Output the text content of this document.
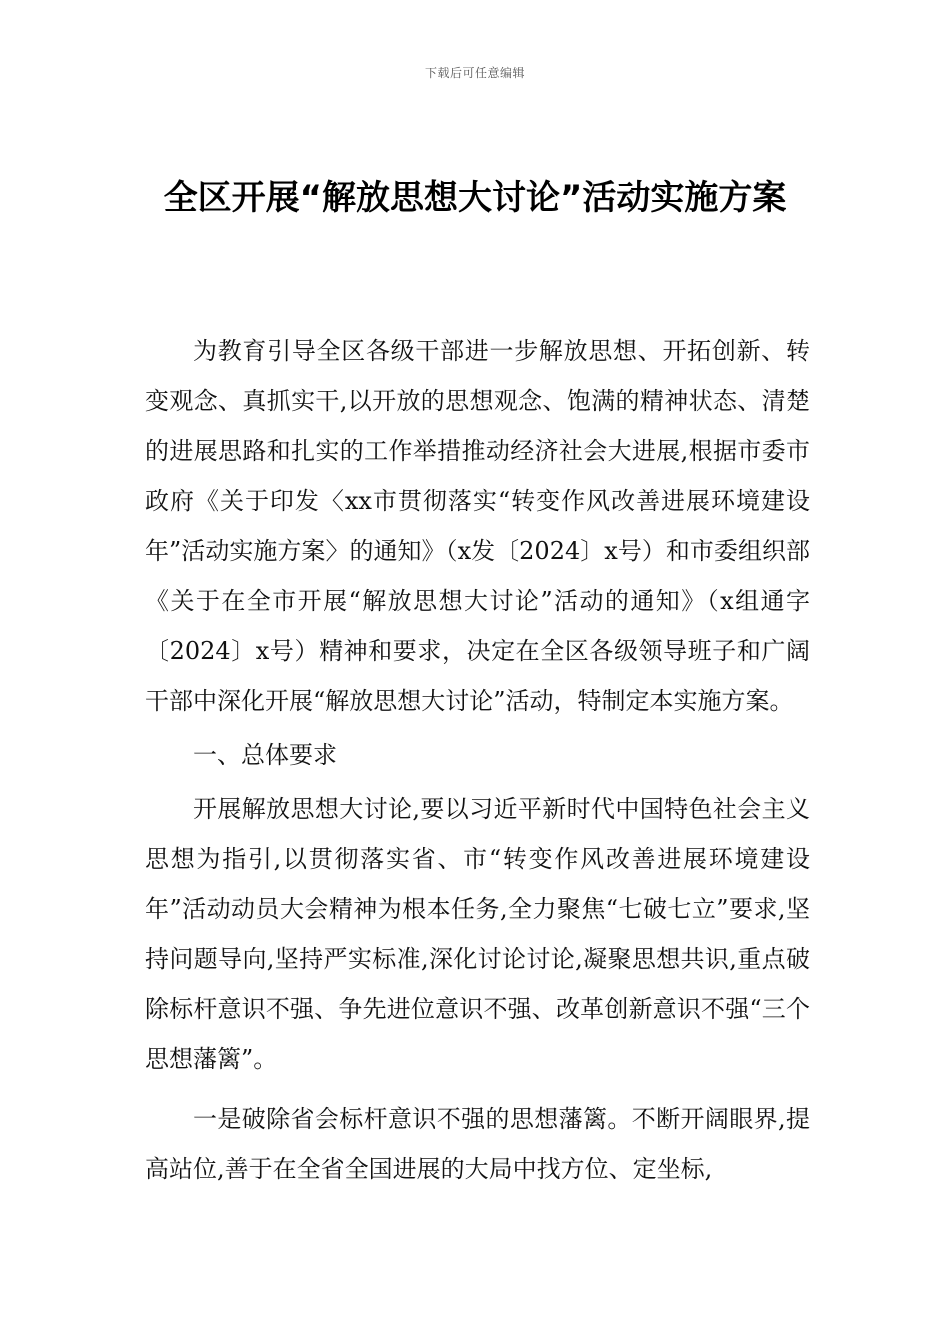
下载后可任意编辑
全区开展“解放思想大讨论”活动实施方案

为教育引导全区各级干部进一步解放思想、开拓创新、转变观念、真抓实干,以开放的思想观念、饱满的精神状态、清楚的进展思路和扎实的工作举措推动经济社会大进展,根据市委市政府《关于印发〈xx市贯彻落实“转变作风改善进展环境建设年”活动实施方案〉的通知》（x发〔2024〕x号）和市委组织部《关于在全市开展“解放思想大讨论”活动的通知》（x组通字〔2024〕x号）精神和要求，决定在全区各级领导班子和广阔干部中深化开展“解放思想大讨论”活动，特制定本实施方案。

一、总体要求

开展解放思想大讨论,要以习近平新时代中国特色社会主义思想为指引,以贯彻落实省、市“转变作风改善进展环境建设年”活动动员大会精神为根本任务,全力聚焦“七破七立”要求,坚持问题导向,坚持严实标准,深化讨论讨论,凝聚思想共识,重点破除标杆意识不强、争先进位意识不强、改革创新意识不强“三个思想藩篱”。

一是破除省会标杆意识不强的思想藩篱。不断开阔眼界,提高站位,善于在全省全国进展的大局中找方位、定坐标,
